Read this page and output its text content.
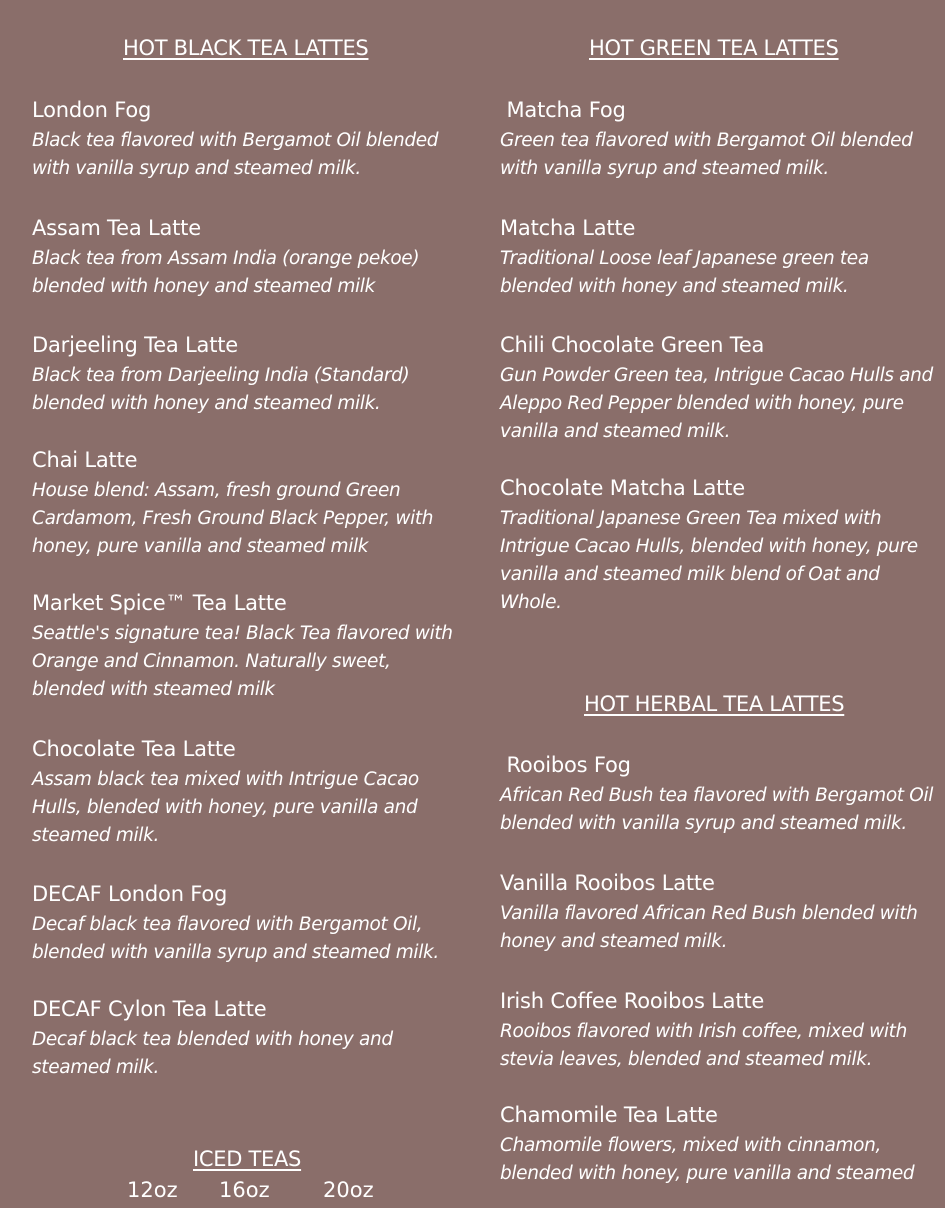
HOT BLACK TEA LATTES

London Fog

Black tea flavored with Bergamot Oil blended with vanilla syrup and steamed milk.

Assam Tea Latte

Black tea from Assam India (orange pekoe) blended with honey and steamed milk

Darjeeling Tea Latte

Black tea from Darjeeling India (Standard) blended with honey and steamed milk.

Chai Latte

House blend: Assam, fresh ground Green Cardamom, Fresh Ground Black Pepper, with honey, pure vanilla and steamed milk

Market Spice™ Tea Latte

Seattle's signature tea! Black Tea flavored with Orange and Cinnamon. Naturally sweet, blended with steamed milk

Chocolate Tea Latte

Assam black tea mixed with Intrigue Cacao Hulls, blended with honey, pure vanilla and steamed milk.

DECAF London Fog

Decaf black tea flavored with Bergamot Oil, blended with vanilla syrup and steamed milk.

DECAF Cylon Tea Latte

Decaf black tea blended with honey and steamed milk.

ICED TEAS
HOT GREEN TEA LATTES

Matcha Fog

Green tea flavored with Bergamot Oil blended with vanilla syrup and steamed milk.

Matcha Latte

Traditional Loose leaf Japanese green tea blended with honey and steamed milk.

Chili Chocolate Green Tea

Gun Powder Green tea, Intrigue Cacao Hulls and Aleppo Red Pepper blended with honey, pure vanilla and steamed milk.

Chocolate Matcha Latte

Traditional Japanese Green Tea mixed with Intrigue Cacao Hulls, blended with honey, pure vanilla and steamed milk blend of Oat and Whole.

HOT HERBAL TEA LATTES

Rooibos Fog

African Red Bush tea flavored with Bergamot Oil blended with vanilla syrup and steamed milk.

Vanilla Rooibos Latte

Vanilla flavored African Red Bush blended with honey and steamed milk.

Irish Coffee Rooibos Latte

Rooibos flavored with Irish coffee, mixed with stevia leaves, blended and steamed milk.

Chamomile Tea Latte

Chamomile flowers, mixed with cinnamon, blended with honey, pure vanilla and steamed

12oz 16oz	20oz
